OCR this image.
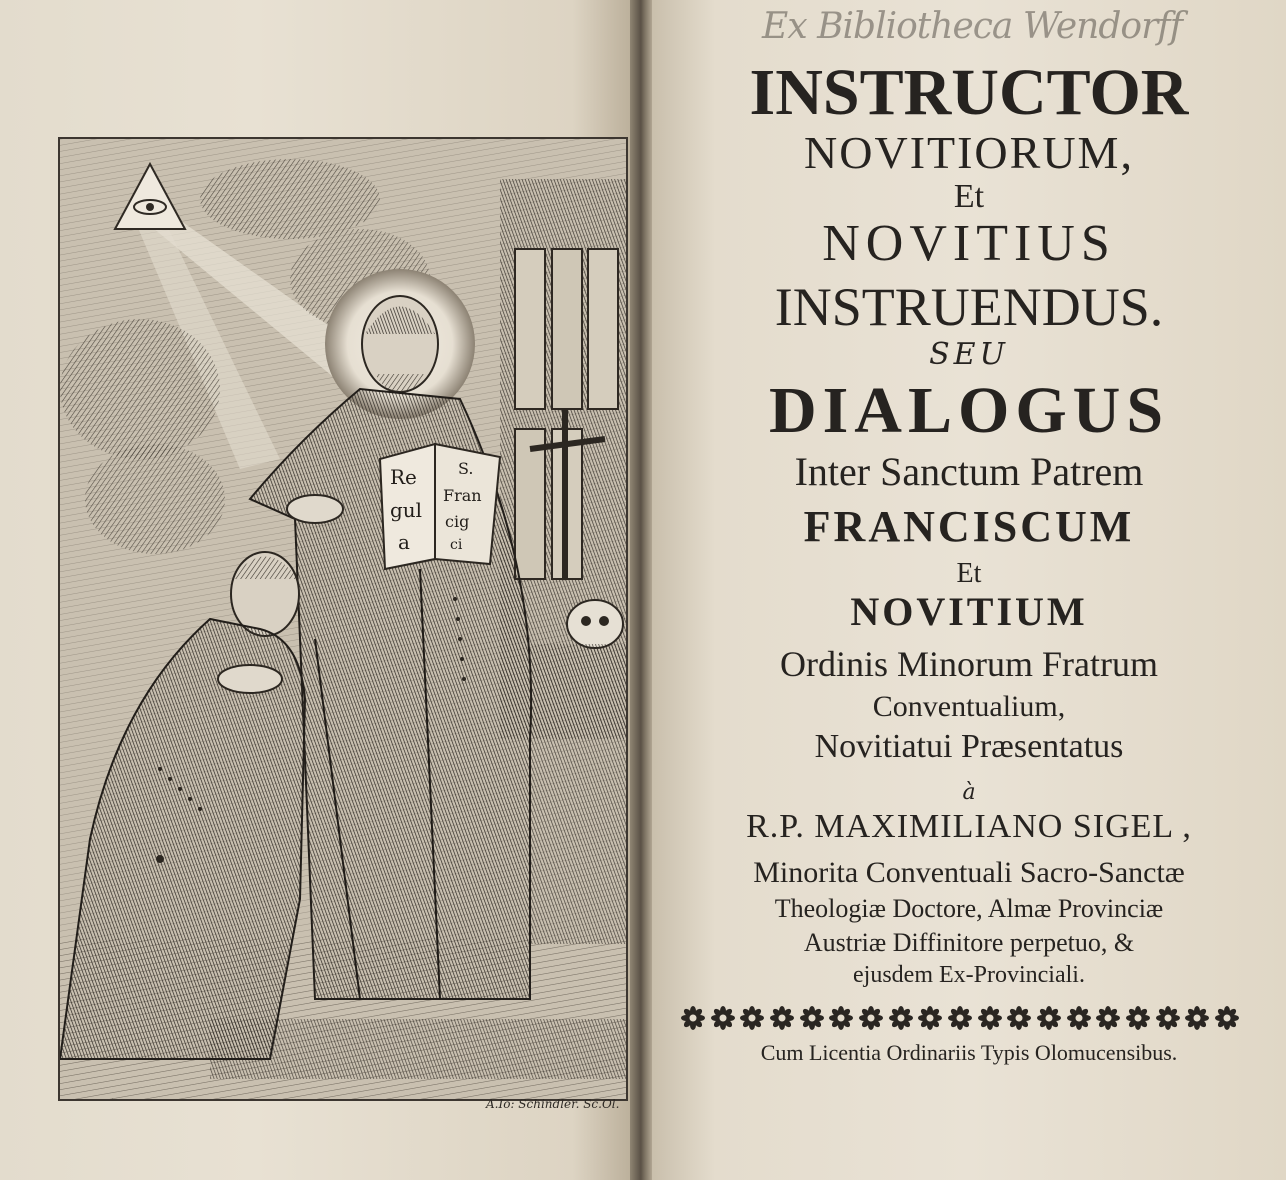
Re
gul
a
S.
Fran
cig
ci
A.Io: Schindler. Sc.Ol.
Ex Bibliotheca Wendorff
INSTRUCTOR
NOVITIORUM,
Et
NOVITIUS
INSTRUENDUS.
SEU
DIALOGUS
Inter Sanctum Patrem
FRANCISCUM
Et
NOVITIUM
Ordinis Minorum Fratrum
Conventualium,
Novitiatui Præsentatus
à
R.P. MAXIMILIANO SIGEL ,
Minorita Conventuali Sacro-Sanctæ
Theologiæ Doctore, Almæ Provinciæ
Austriæ Diffinitore perpetuo, &
ejusdem Ex-Provinciali.
Cum Licentia Ordinariis Typis Olomucensibus.
